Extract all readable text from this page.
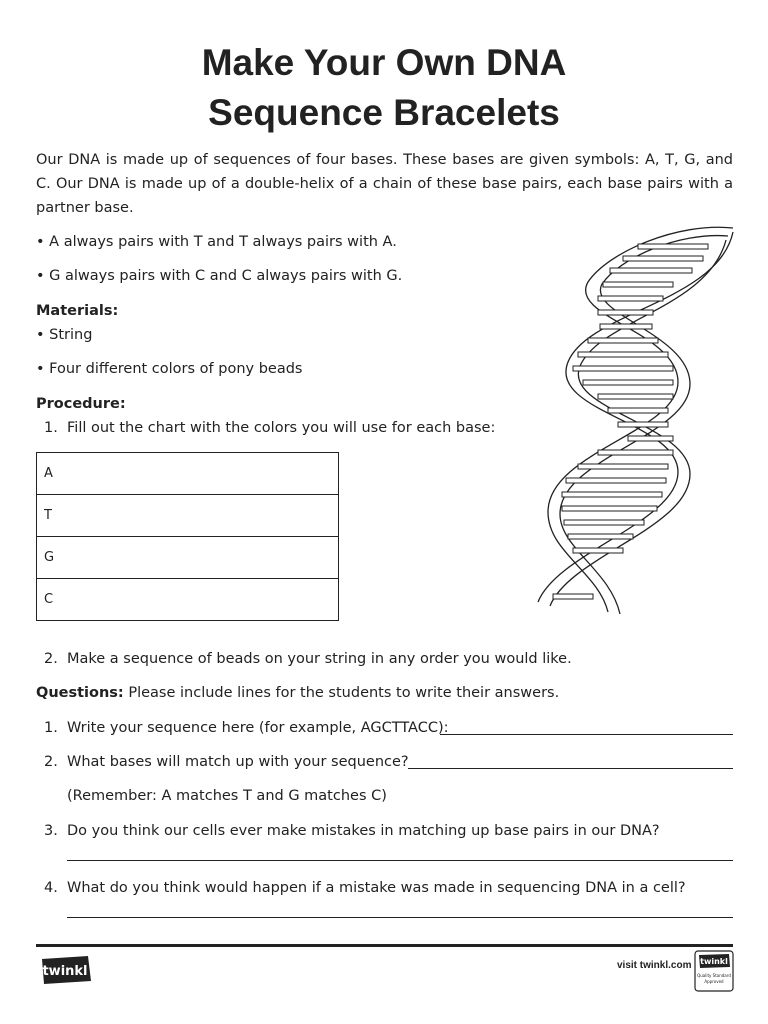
Make Your Own DNA
Sequence Bracelets
Our DNA is made up of sequences of four bases. These bases are given symbols: A, T, G, and C. Our DNA is made up of a double-helix of a chain of these base pairs, each base pairs with a partner base.
• A always pairs with T and T always pairs with A.
• G always pairs with C and C always pairs with G.
Materials:
• String
• Four different colors of pony beads
Procedure:
1. Fill out the chart with the colors you will use for each base:
A
T
G
C
2. Make a sequence of beads on your string in any order you would like.
Questions: Please include lines for the students to write their answers.
1. Write your sequence here (for example, AGCTTACC):
2. What bases will match up with your sequence?
(Remember: A matches T and G matches C)
3. Do you think our cells ever make mistakes in matching up base pairs in our DNA?
4. What do you think would happen if a mistake was made in sequencing DNA in a cell?
twinkl	visit twinkl.com twinkl
Quality Standard
Approved
